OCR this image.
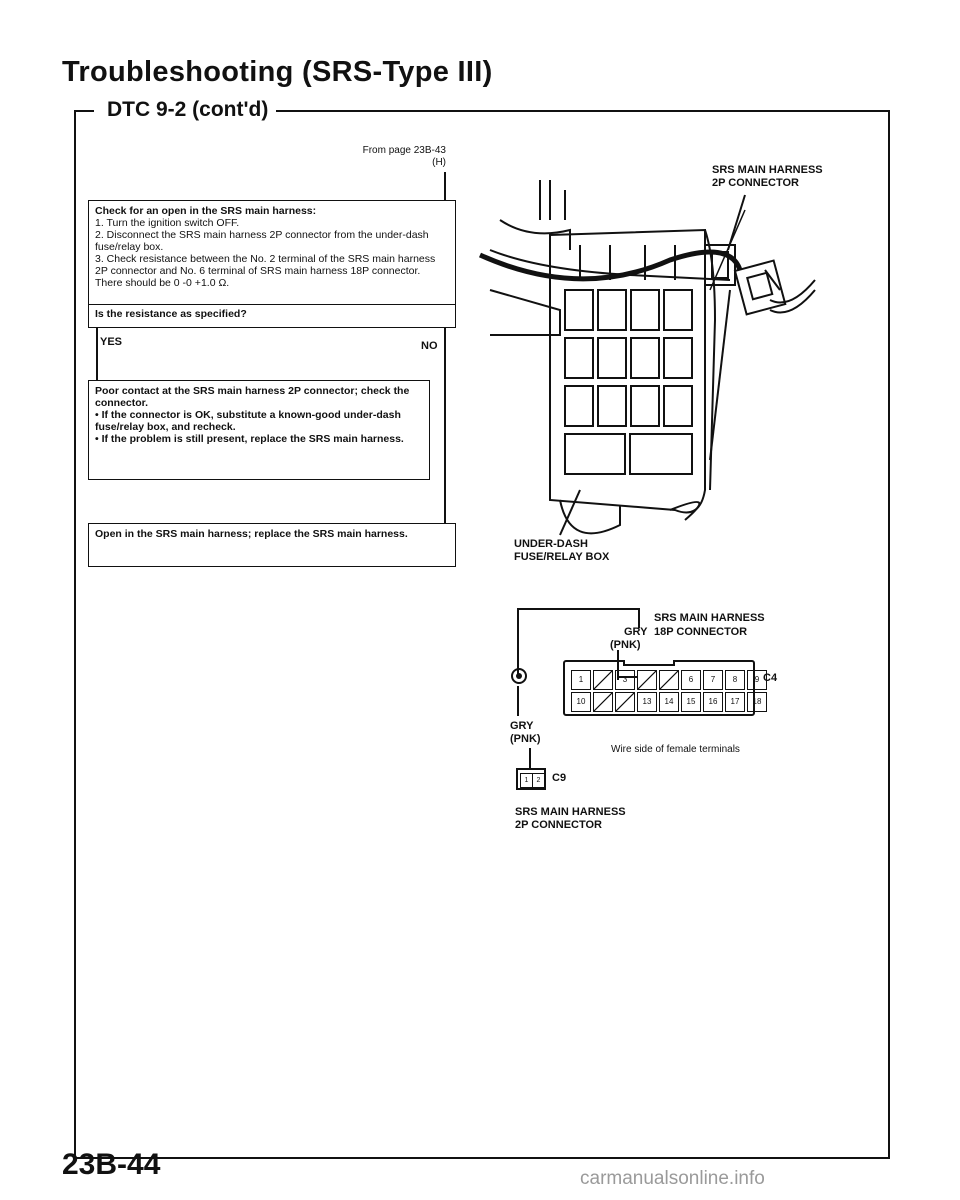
Troubleshooting (SRS-Type III)
DTC 9-2 (cont'd)
From page 23B-43
(H)
Check for an open in the SRS main harness:
1. Turn the ignition switch OFF.
2. Disconnect the SRS main harness 2P connector from the under-dash fuse/relay box.
3. Check resistance between the No. 2 terminal of the SRS main harness 2P connector and No. 6 terminal of SRS main harness 18P connector. There should be 0 -0 +1.0 Ω.
Is the resistance as specified?
YES	NO
Poor contact at the SRS main harness 2P connector; check the connector.
• If the connector is OK, substitute a known-good under-dash fuse/relay box, and recheck.
• If the problem is still present, replace the SRS main harness.
Open in the SRS main harness; replace the SRS main harness.
SRS MAIN HARNESS
2P CONNECTOR
UNDER-DASH
FUSE/RELAY BOX
SRS MAIN HARNESS
GRY 18P CONNECTOR
(PNK)
1	3	6	7	8	9
10	13	14	15	16	17	18
C4
GRY
(PNK)
Wire side of female terminals
1	2	C9
SRS MAIN HARNESS
2P CONNECTOR
23B-44	carmanualsonline.info
